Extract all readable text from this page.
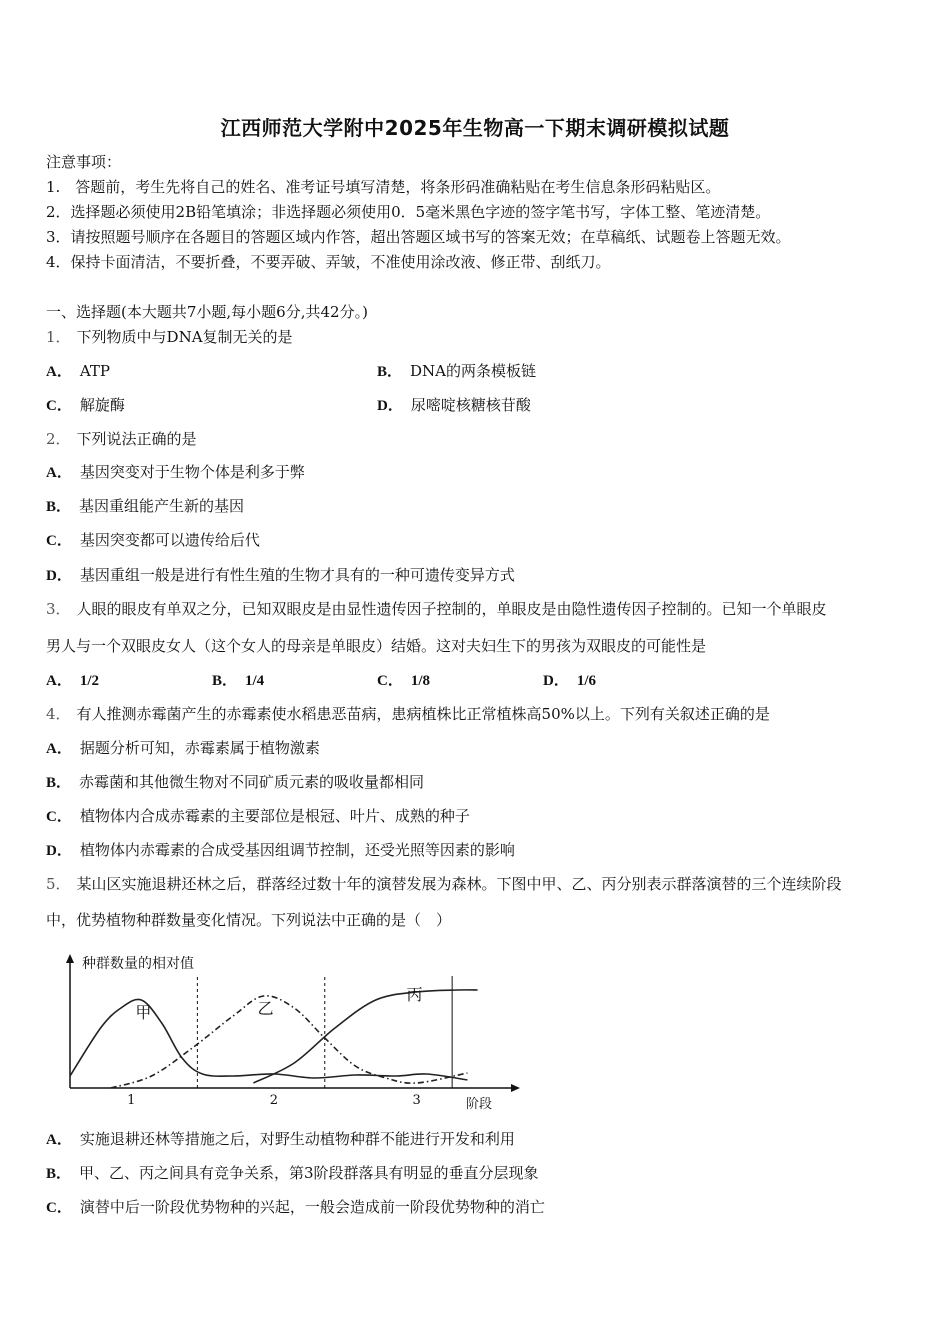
江西师范大学附中2025年生物高一下期末调研模拟试题
注意事项：
1.　答题前，考生先将自己的姓名、准考证号填写清楚，将条形码准确粘贴在考生信息条形码粘贴区。
2．选择题必须使用2B铅笔填涂；非选择题必须使用0．5毫米黑色字迹的签字笔书写，字体工整、笔迹清楚。
3．请按照题号顺序在各题目的答题区域内作答，超出答题区域书写的答案无效；在草稿纸、试题卷上答题无效。
4．保持卡面清洁，不要折叠，不要弄破、弄皱，不准使用涂改液、修正带、刮纸刀。
一、选择题(本大题共7小题,每小题6分,共42分。)
1． 下列物质中与DNA复制无关的是
A． ATP	B． DNA的两条模板链
C． 解旋酶	D． 尿嘧啶核糖核苷酸
2． 下列说法正确的是
A． 基因突变对于生物个体是利多于弊
B． 基因重组能产生新的基因
C． 基因突变都可以遗传给后代
D． 基因重组一般是进行有性生殖的生物才具有的一种可遗传变异方式
3． 人眼的眼皮有单双之分，已知双眼皮是由显性遗传因子控制的，单眼皮是由隐性遗传因子控制的。已知一个单眼皮
男人与一个双眼皮女人（这个女人的母亲是单眼皮）结婚。这对夫妇生下的男孩为双眼皮的可能性是
A． 1/2	B． 1/4	C． 1/8	D． 1/6
4． 有人推测赤霉菌产生的赤霉素使水稻患恶苗病，患病植株比正常植株高50%以上。下列有关叙述正确的是
A． 据题分析可知，赤霉素属于植物激素
B． 赤霉菌和其他微生物对不同矿质元素的吸收量都相同
C． 植物体内合成赤霉素的主要部位是根冠、叶片、成熟的种子
D． 植物体内赤霉素的合成受基因组调节控制，还受光照等因素的影响
5． 某山区实施退耕还林之后，群落经过数十年的演替发展为森林。下图中甲、乙、丙分别表示群落演替的三个连续阶段
中，优势植物种群数量变化情况。下列说法中正确的是（　）
种群数量的相对值
阶段
1	2	3
甲	乙
丙
A． 实施退耕还林等措施之后，对野生动植物种群不能进行开发和利用
B． 甲、乙、丙之间具有竞争关系，第3阶段群落具有明显的垂直分层现象
C． 演替中后一阶段优势物种的兴起，一般会造成前一阶段优势物种的消亡
